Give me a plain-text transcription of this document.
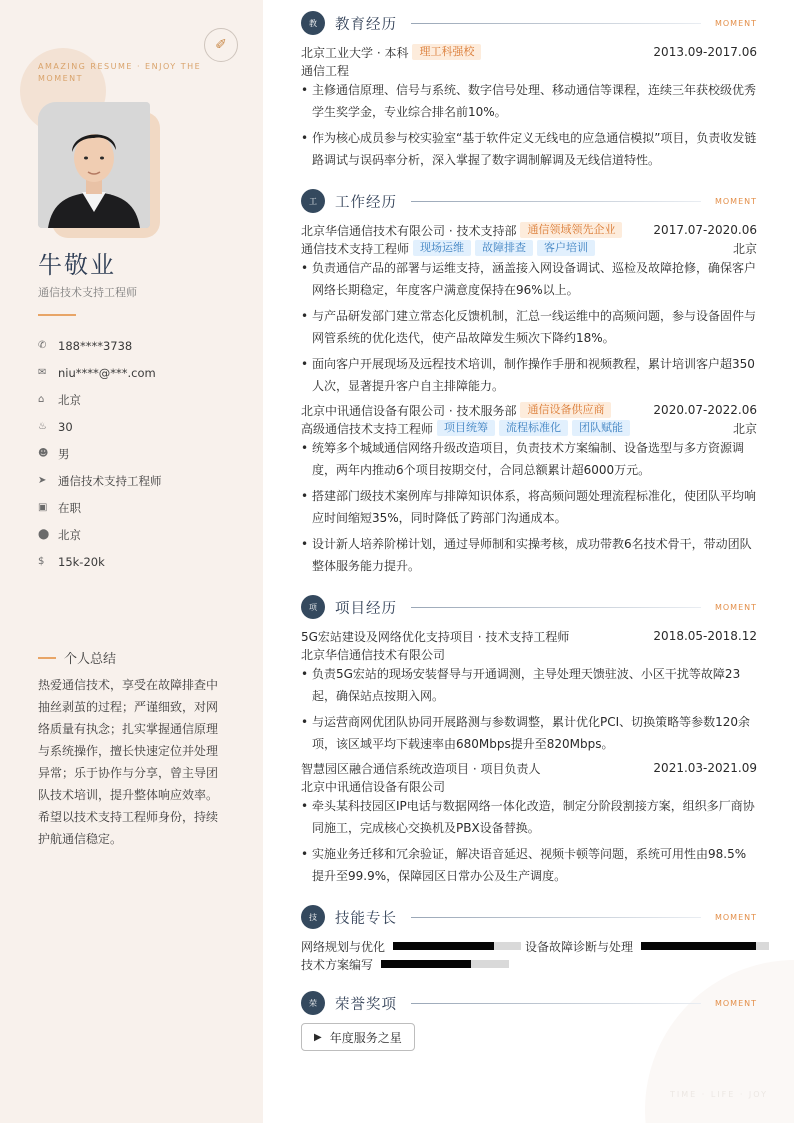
✐
AMAZING RESUME · ENJOY THE MOMENT
牛敬业
通信技术支持工程师
✆	188****3738
✉	niu****@***.com
⌂	北京
♨ 30
☻ 男
➤	通信技术支持工程师
▣ 在职
⬤ 北京
$	15k-20k
个人总结
热爱通信技术，享受在故障排查中抽丝剥茧的过程；严谨细致，对网络质量有执念；扎实掌握通信原理与系统操作，擅长快速定位并处理异常；乐于协作与分享，曾主导团队技术培训，提升整体响应效率。希望以技术支持工程师身份，持续护航通信稳定。
TIME · LIFE · JOY
教	教育经历	MOMENT
北京工业大学 · 本科	理工科强校	2013.09-2017.06
通信工程
• 主修通信原理、信号与系统、数字信号处理、移动通信等课程，连续三年获校级优秀学生奖学金，专业综合排名前10%。
• 作为核心成员参与校实验室“基于软件定义无线电的应急通信模拟”项目，负责收发链路调试与误码率分析，深入掌握了数字调制解调及无线信道特性。
工	工作经历	MOMENT
北京华信通信技术有限公司 · 技术支持部	通信领域领先企业	2017.07-2020.06
通信技术支持工程师	现场运维	故障排查	客户培训	北京
• 负责通信产品的部署与运维支持，涵盖接入网设备调试、巡检及故障抢修，确保客户网络长期稳定，年度客户满意度保持在96%以上。
• 与产品研发部门建立常态化反馈机制，汇总一线运维中的高频问题，参与设备固件与网管系统的优化迭代，使产品故障发生频次下降约18%。
• 面向客户开展现场及远程技术培训，制作操作手册和视频教程，累计培训客户超350人次，显著提升客户自主排障能力。
北京中讯通信设备有限公司 · 技术服务部	通信设备供应商	2020.07-2022.06
高级通信技术支持工程师	项目统筹	流程标准化	团队赋能	北京
• 统筹多个城域通信网络升级改造项目，负责技术方案编制、设备选型与多方资源调度，两年内推动6个项目按期交付，合同总额累计超6000万元。
• 搭建部门级技术案例库与排障知识体系，将高频问题处理流程标准化，使团队平均响应时间缩短35%，同时降低了跨部门沟通成本。
• 设计新人培养阶梯计划，通过导师制和实操考核，成功带教6名技术骨干，带动团队整体服务能力提升。
项	项目经历	MOMENT
5G宏站建设及网络优化支持项目 · 技术支持工程师	2018.05-2018.12
北京华信通信技术有限公司
• 负责5G宏站的现场安装督导与开通调测，主导处理天馈驻波、小区干扰等故障23起，确保站点按期入网。
• 与运营商网优团队协同开展路测与参数调整，累计优化PCI、切换策略等参数120余项，该区域平均下载速率由680Mbps提升至820Mbps。
智慧园区融合通信系统改造项目 · 项目负责人	2021.03-2021.09
北京中讯通信设备有限公司
• 牵头某科技园区IP电话与数据网络一体化改造，制定分阶段割接方案，组织多厂商协同施工，完成核心交换机及PBX设备替换。
• 实施业务迁移和冗余验证，解决语音延迟、视频卡顿等问题，系统可用性由98.5%提升至99.9%，保障园区日常办公及生产调度。
技	技能专长	MOMENT
网络规划与优化	设备故障诊断与处理
技术方案编写
荣	荣誉奖项	MOMENT
▶ 年度服务之星
